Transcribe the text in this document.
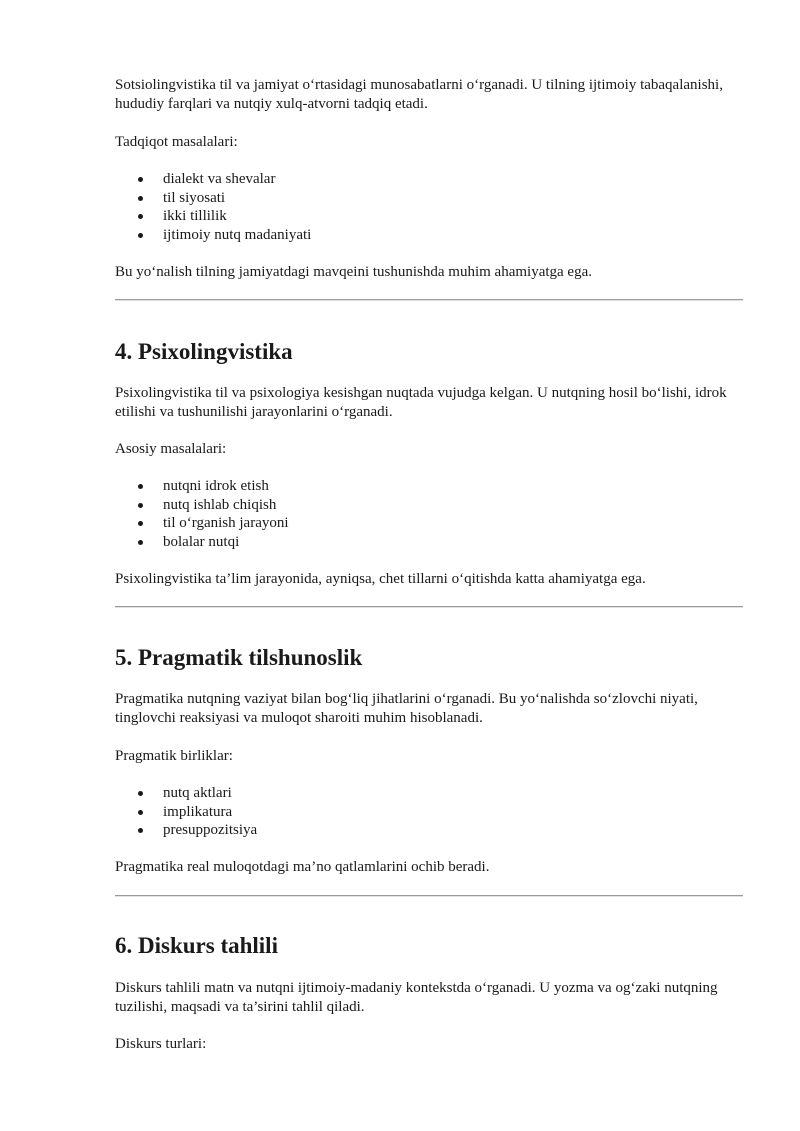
Sotsiolingvistika til va jamiyat o‘rtasidagi munosabatlarni o‘rganadi. U tilning ijtimoiy tabaqalanishi, hududiy farqlari va nutqiy xulq-atvorni tadqiq etadi.

Tadqiqot masalalari:

dialekt va shevalar
til siyosati
ikki tillilik
ijtimoiy nutq madaniyati

Bu yo‘nalish tilning jamiyatdagi mavqeini tushunishda muhim ahamiyatga ega.

4. Psixolingvistika

Psixolingvistika til va psixologiya kesishgan nuqtada vujudga kelgan. U nutqning hosil bo‘lishi, idrok etilishi va tushunilishi jarayonlarini o‘rganadi.

Asosiy masalalari:

nutqni idrok etish
nutq ishlab chiqish
til o‘rganish jarayoni
bolalar nutqi

Psixolingvistika ta’lim jarayonida, ayniqsa, chet tillarni o‘qitishda katta ahamiyatga ega.

5. Pragmatik tilshunoslik

Pragmatika nutqning vaziyat bilan bog‘liq jihatlarini o‘rganadi. Bu yo‘nalishda so‘zlovchi niyati, tinglovchi reaksiyasi va muloqot sharoiti muhim hisoblanadi.

Pragmatik birliklar:

nutq aktlari
implikatura
presuppozitsiya

Pragmatika real muloqotdagi ma’no qatlamlarini ochib beradi.

6. Diskurs tahlili

Diskurs tahlili matn va nutqni ijtimoiy-madaniy kontekstda o‘rganadi. U yozma va og‘zaki nutqning tuzilishi, maqsadi va ta’sirini tahlil qiladi.

Diskurs turlari:
